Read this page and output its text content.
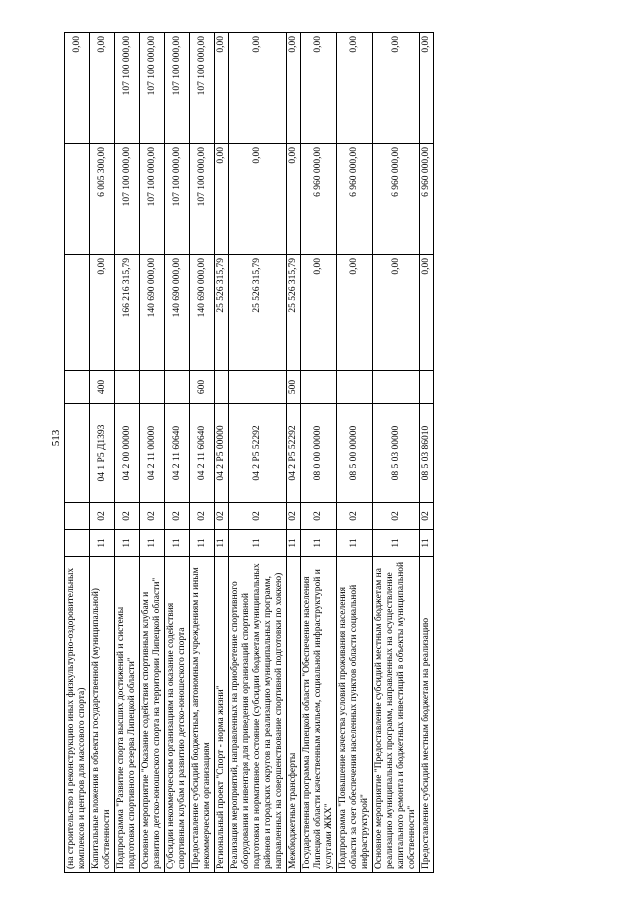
513
(на строительство и реконструкцию иных физкультурно-оздоровительных комплексов и центров для массового спорта)							0,00
Капитальные вложения в объекты государственной (муниципальной) собственности	11	02	04 1 P5 Д1393	400	0,00	6 005 300,00	0,00
Подпрограмма "Развитие спорта высших достижений и системы подготовки спортивного резерва Липецкой области"	11	02	04 2 00 00000		166 216 315,79	107 100 000,00	107 100 000,00
Основное мероприятие "Оказание содействия спортивным клубам и развитию детско-юношеского спорта на территории Липецкой области"	11	02	04 2 11 00000		140 690 000,00	107 100 000,00	107 100 000,00
Субсидии некоммерческим организациям на оказание содействия спортивным клубам и развитию детско-юношеского спорта	11	02	04 2 11 60640		140 690 000,00	107 100 000,00	107 100 000,00
Предоставление субсидий бюджетным, автономным учреждениям и иным некоммерческим организациям	11	02	04 2 11 60640	600	140 690 000,00	107 100 000,00	107 100 000,00
Региональный проект "Спорт - норма жизни"	11	02	04 2 P5 00000		25 526 315,79	0,00	0,00
Реализация мероприятий, направленных на приобретение спортивного оборудования и инвентаря для приведения организаций спортивной подготовки в нормативное состояние (субсидии бюджетам муниципальных районов и городских округов на реализацию муниципальных программ, направленных на совершенствование спортивной подготовки по хоккею)	11	02	04 2 P5 52292		25 526 315,79	0,00	0,00
Межбюджетные трансферты	11	02	04 2 P5 52292	500	25 526 315,79	0,00	0,00
Государственная программа Липецкой области "Обеспечение населения Липецкой области качественным жильем, социальной инфраструктурой и услугами ЖКХ"	11	02	08 0 00 00000		0,00	6 960 000,00	0,00
Подпрограмма "Повышение качества условий проживания населения области за счет обеспечения населенных пунктов области социальной инфраструктурой"	11	02	08 5 00 00000		0,00	6 960 000,00	0,00
Основное мероприятие "Предоставление субсидий местным бюджетам на реализацию муниципальных программ, направленных на осуществление капитального ремонта и бюджетных инвестиций в объекты муниципальной собственности"	11	02	08 5 03 00000		0,00	6 960 000,00	0,00
Предоставление субсидий местным бюджетам на реализацию	11	02	08 5 03 86010		0,00	6 960 000,00	0,00
